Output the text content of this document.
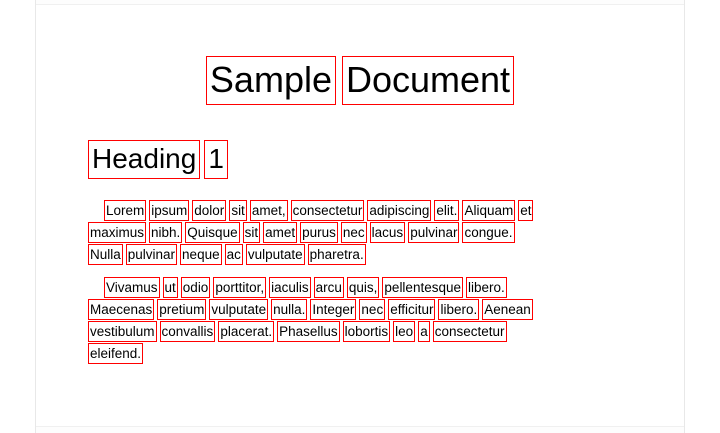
Sample Document
Heading 1

Lorem ipsum dolor sit amet, consectetur adipiscing elit. Aliquam et
maximus nibh. Quisque sit amet purus nec lacus pulvinar congue.
Nulla pulvinar neque ac vulputate pharetra.

Vivamus ut odio porttitor, iaculis arcu quis, pellentesque libero.
Maecenas pretium vulputate nulla. Integer nec efficitur libero. Aenean
vestibulum convallis placerat. Phasellus lobortis leo a consectetur
eleifend.
